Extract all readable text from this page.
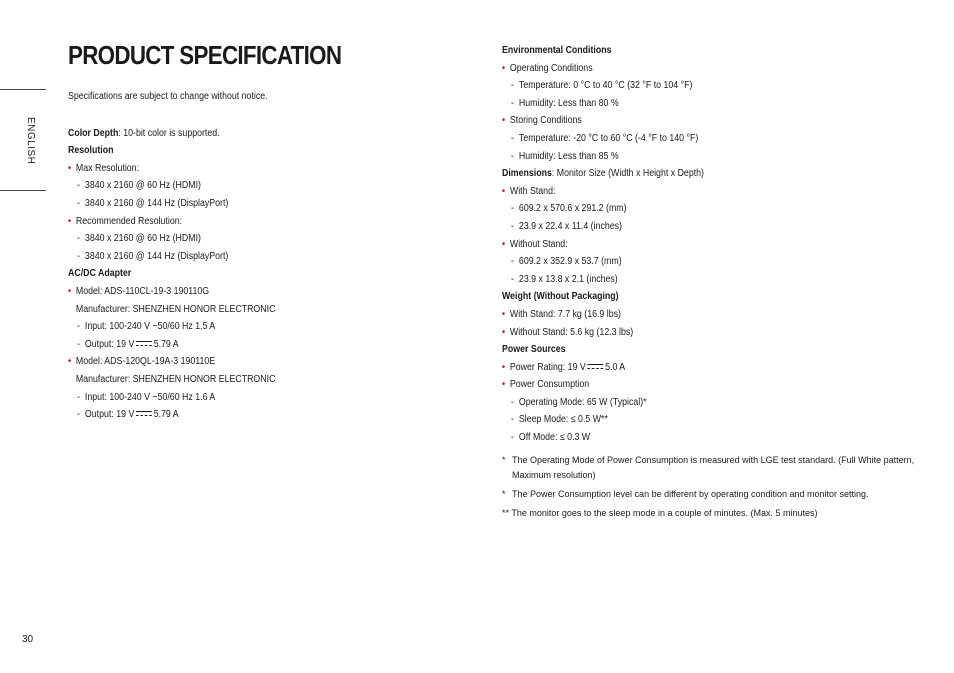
PRODUCT SPECIFICATION
ENGLISH
30
Specifications are subject to change without notice.
Color Depth: 10-bit color is supported.
Resolution
• Max Resolution:
- 3840 x 2160 @ 60 Hz (HDMI)
- 3840 x 2160 @ 144 Hz (DisplayPort)
• Recommended Resolution:
- 3840 x 2160 @ 60 Hz (HDMI)
- 3840 x 2160 @ 144 Hz (DisplayPort)
AC/DC Adapter
• Model: ADS-110CL-19-3 190110G
Manufacturer: SHENZHEN HONOR ELECTRONIC
- Input: 100-240 V ~50/60 Hz 1.5 A
- Output: 19 V 5.79 A
• Model: ADS-120QL-19A-3 190110E
Manufacturer: SHENZHEN HONOR ELECTRONIC
- Input: 100-240 V ~50/60 Hz 1.6 A
- Output: 19 V 5.79 A
Environmental Conditions
• Operating Conditions
- Temperature: 0 °C to 40 °C (32 °F to 104 °F)
- Humidity: Less than 80 %
• Storing Conditions
- Temperature: -20 °C to 60 °C (-4 °F to 140 °F)
- Humidity: Less than 85 %
Dimensions: Monitor Size (Width x Height x Depth)
• With Stand:
- 609.2 x 570.6 x 291.2 (mm)
- 23.9 x 22.4 x 11.4 (inches)
• Without Stand:
- 609.2 x 352.9 x 53.7 (mm)
- 23.9 x 13.8 x 2.1 (inches)
Weight (Without Packaging)
• With Stand: 7.7 kg (16.9 lbs)
• Without Stand: 5.6 kg (12.3 lbs)
Power Sources
• Power Rating: 19 V 5.0 A
• Power Consumption
- Operating Mode: 65 W (Typical)*
- Sleep Mode: ≤ 0.5 W**
- Off Mode: ≤ 0.3 W
* The Operating Mode of Power Consumption is measured with LGE test standard. (Full White pattern, Maximum resolution)
* The Power Consumption level can be different by operating condition and monitor setting.
** The monitor goes to the sleep mode in a couple of minutes. (Max. 5 minutes)
